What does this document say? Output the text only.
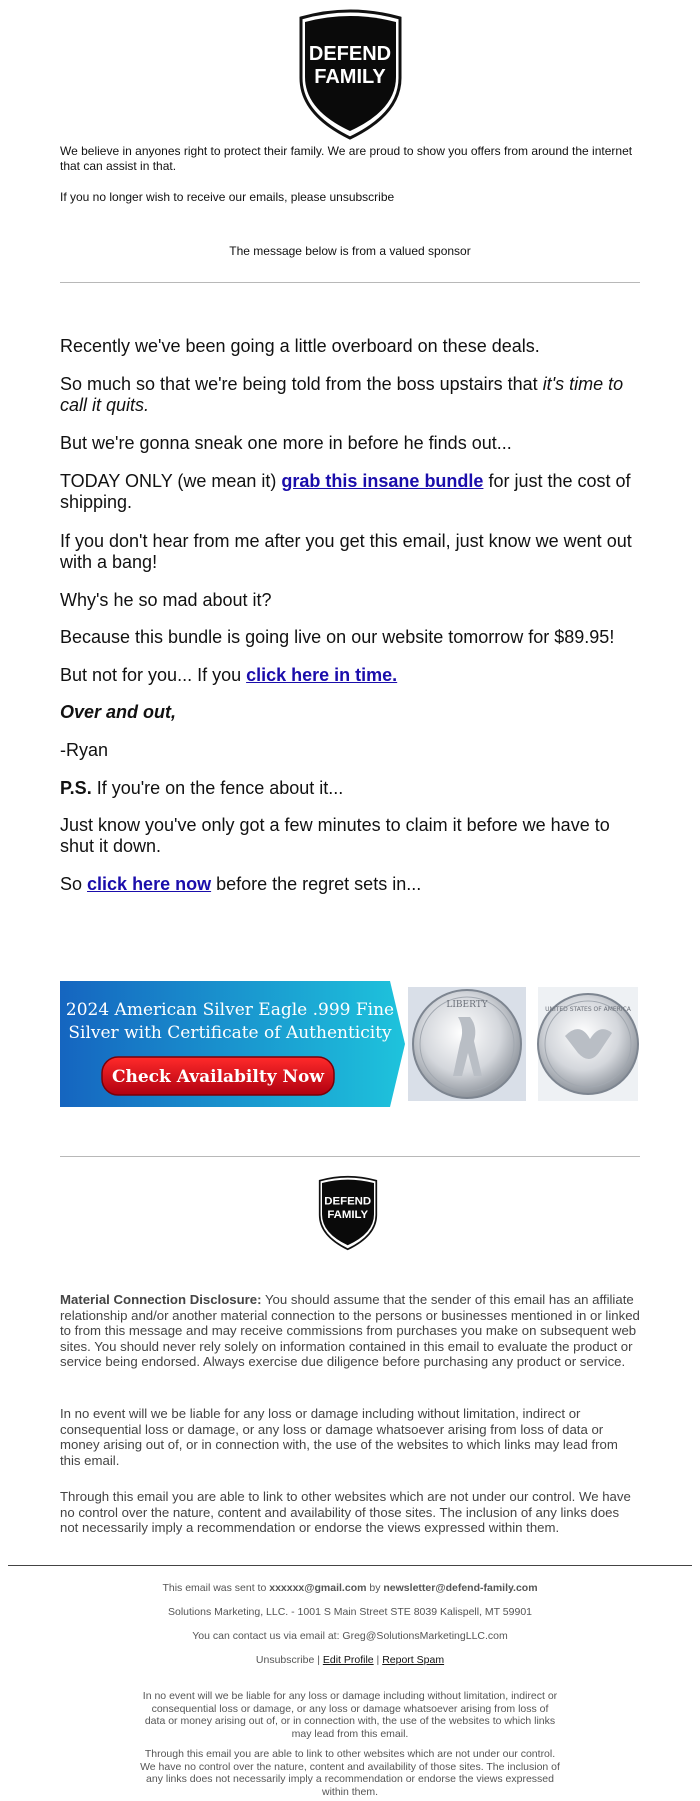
DEFEND
FAMILY

We believe in anyones right to protect their family. We are proud to show you offers from around the internet that can assist in that.

If you no longer wish to receive our emails, please unsubscribe

The message below is from a valued sponsor

Recently we've been going a little overboard on these deals.

So much so that we're being told from the boss upstairs that it's time to call it quits.

But we're gonna sneak one more in before he finds out...

TODAY ONLY (we mean it) grab this insane bundle for just the cost of shipping.

If you don't hear from me after you get this email, just know we went out with a bang!

Why's he so mad about it?

Because this bundle is going live on our website tomorrow for $89.95!

But not for you... If you click here in time.

Over and out,

-Ryan

P.S. If you're on the fence about it...

Just know you've only got a few minutes to claim it before we have to shut it down.

So click here now before the regret sets in...

2024 American Silver Eagle .999 Fine
Silver with Certificate of Authenticity
Check Availabilty Now
LIBERTY	UNITED STATES OF AMERICA
DEFEND
FAMILY

Material Connection Disclosure: You should assume that the sender of this email has an affiliate relationship and/or another material connection to the persons or businesses mentioned in or linked to from this message and may receive commissions from purchases you make on subsequent web sites. You should never rely solely on information contained in this email to evaluate the product or service being endorsed. Always exercise due diligence before purchasing any product or service.

In no event will we be liable for any loss or damage including without limitation, indirect or consequential loss or damage, or any loss or damage whatsoever arising from loss of data or money arising out of, or in connection with, the use of the websites to which links may lead from this email.

Through this email you are able to link to other websites which are not under our control. We have no control over the nature, content and availability of those sites. The inclusion of any links does not necessarily imply a recommendation or endorse the views expressed within them.

This email was sent to xxxxxx@gmail.com by newsletter@defend-family.com

Solutions Marketing, LLC. - 1001 S Main Street STE 8039 Kalispell, MT 59901

You can contact us via email at: Greg@SolutionsMarketingLLC.com

Unsubscribe | Edit Profile | Report Spam

In no event will we be liable for any loss or damage including without limitation, indirect or consequential loss or damage, or any loss or damage whatsoever arising from loss of data or money arising out of, or in connection with, the use of the websites to which links may lead from this email.

Through this email you are able to link to other websites which are not under our control. We have no control over the nature, content and availability of those sites. The inclusion of any links does not necessarily imply a recommendation or endorse the views expressed within them.
